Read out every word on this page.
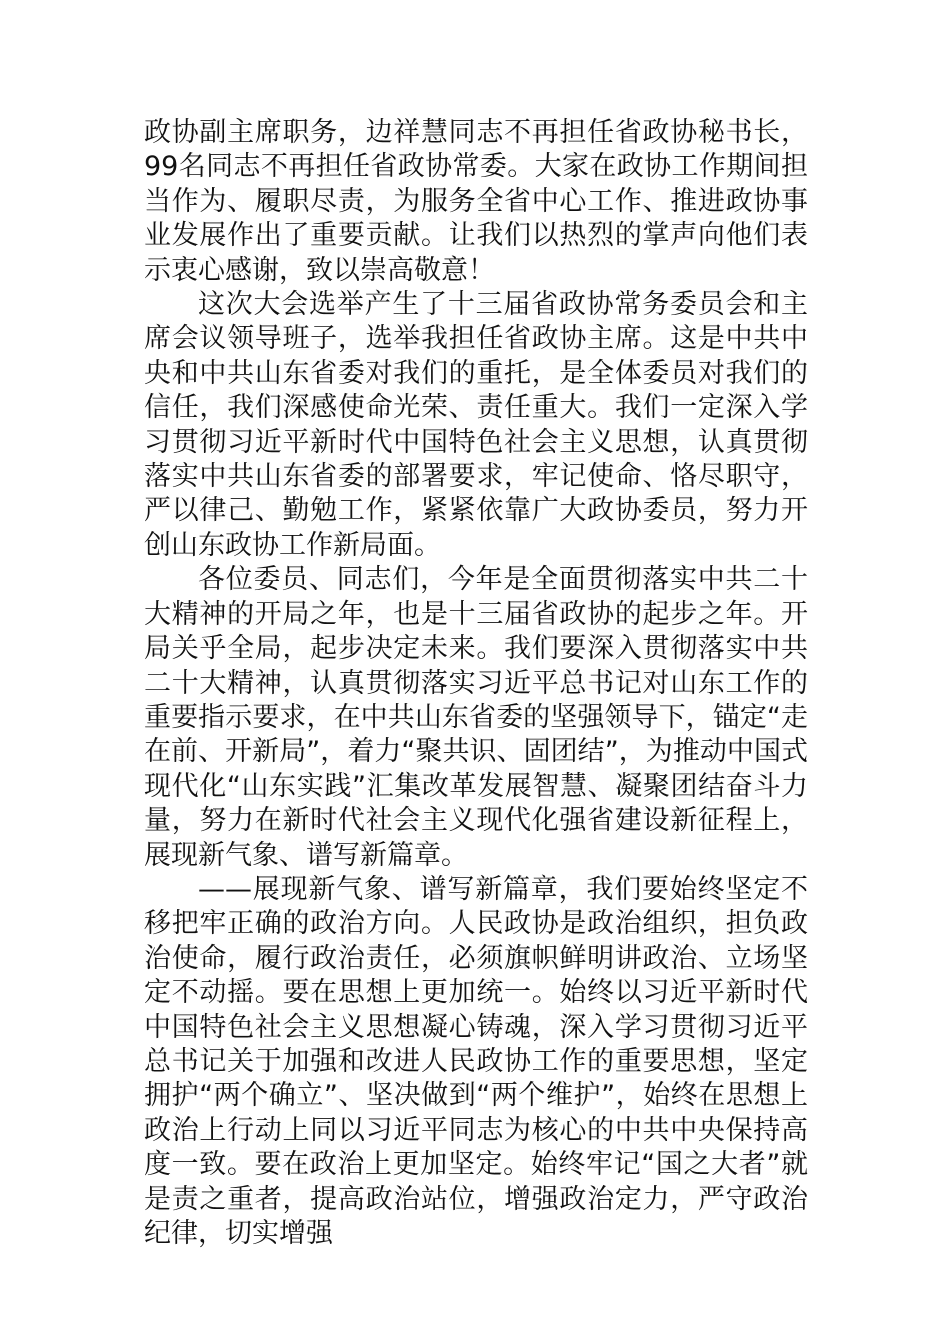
政协副主席职务，边祥慧同志不再担任省政协秘书长，99名同志不再担任省政协常委。大家在政协工作期间担当作为、履职尽责，为服务全省中心工作、推进政协事业发展作出了重要贡献。让我们以热烈的掌声向他们表示衷心感谢，致以崇高敬意！

这次大会选举产生了十三届省政协常务委员会和主席会议领导班子，选举我担任省政协主席。这是中共中央和中共山东省委对我们的重托，是全体委员对我们的信任，我们深感使命光荣、责任重大。我们一定深入学习贯彻习近平新时代中国特色社会主义思想，认真贯彻落实中共山东省委的部署要求，牢记使命、恪尽职守，严以律己、勤勉工作，紧紧依靠广大政协委员，努力开创山东政协工作新局面。

各位委员、同志们，今年是全面贯彻落实中共二十大精神的开局之年，也是十三届省政协的起步之年。开局关乎全局，起步决定未来。我们要深入贯彻落实中共二十大精神，认真贯彻落实习近平总书记对山东工作的重要指示要求，在中共山东省委的坚强领导下，锚定“走在前、开新局”，着力“聚共识、固团结”，为推动中国式现代化“山东实践”汇集改革发展智慧、凝聚团结奋斗力量，努力在新时代社会主义现代化强省建设新征程上，展现新气象、谱写新篇章。

——展现新气象、谱写新篇章，我们要始终坚定不移把牢正确的政治方向。人民政协是政治组织，担负政治使命，履行政治责任，必须旗帜鲜明讲政治、立场坚定不动摇。要在思想上更加统一。始终以习近平新时代中国特色社会主义思想凝心铸魂，深入学习贯彻习近平总书记关于加强和改进人民政协工作的重要思想，坚定拥护“两个确立”、坚决做到“两个维护”，始终在思想上政治上行动上同以习近平同志为核心的中共中央保持高度一致。要在政治上更加坚定。始终牢记“国之大者”就是责之重者，提高政治站位，增强政治定力，严守政治纪律，切实增强
